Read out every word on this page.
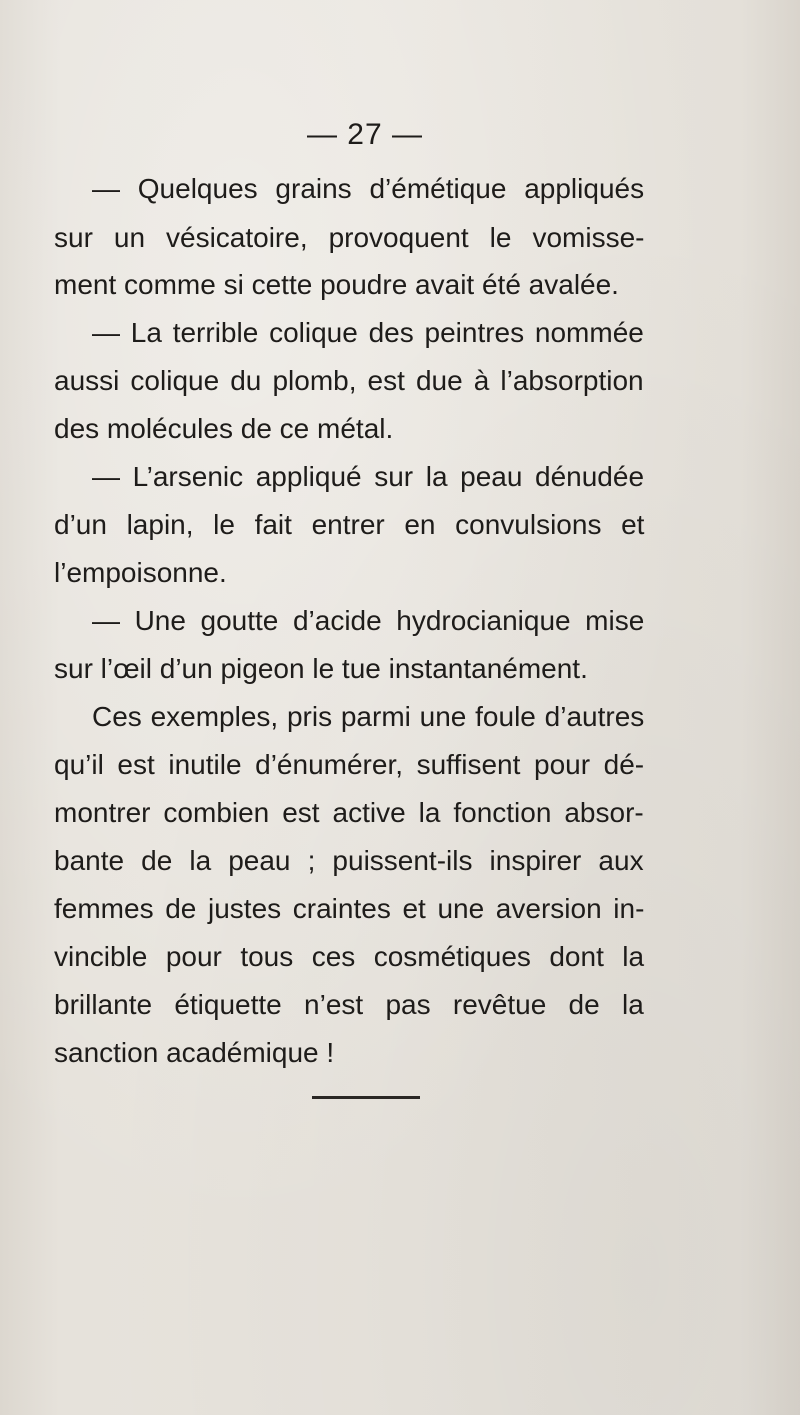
— 27 —
— Quelques grains d’émétique appliqués
sur un vésicatoire, provoquent le vomisse-
ment comme si cette poudre avait été avalée.
— La terrible colique des peintres nommée
aussi colique du plomb, est due à l’absorption
des molécules de ce métal.
— L’arsenic appliqué sur la peau dénudée
d’un lapin, le fait entrer en convulsions et
l’empoisonne.
— Une goutte d’acide hydrocianique mise
sur l’œil d’un pigeon le tue instantanément.
Ces exemples, pris parmi une foule d’autres
qu’il est inutile d’énumérer, suffisent pour dé-
montrer combien est active la fonction absor-
bante de la peau ; puissent-ils inspirer aux
femmes de justes craintes et une aversion in-
vincible pour tous ces cosmétiques dont la
brillante étiquette n’est pas revêtue de la
sanction académique !
